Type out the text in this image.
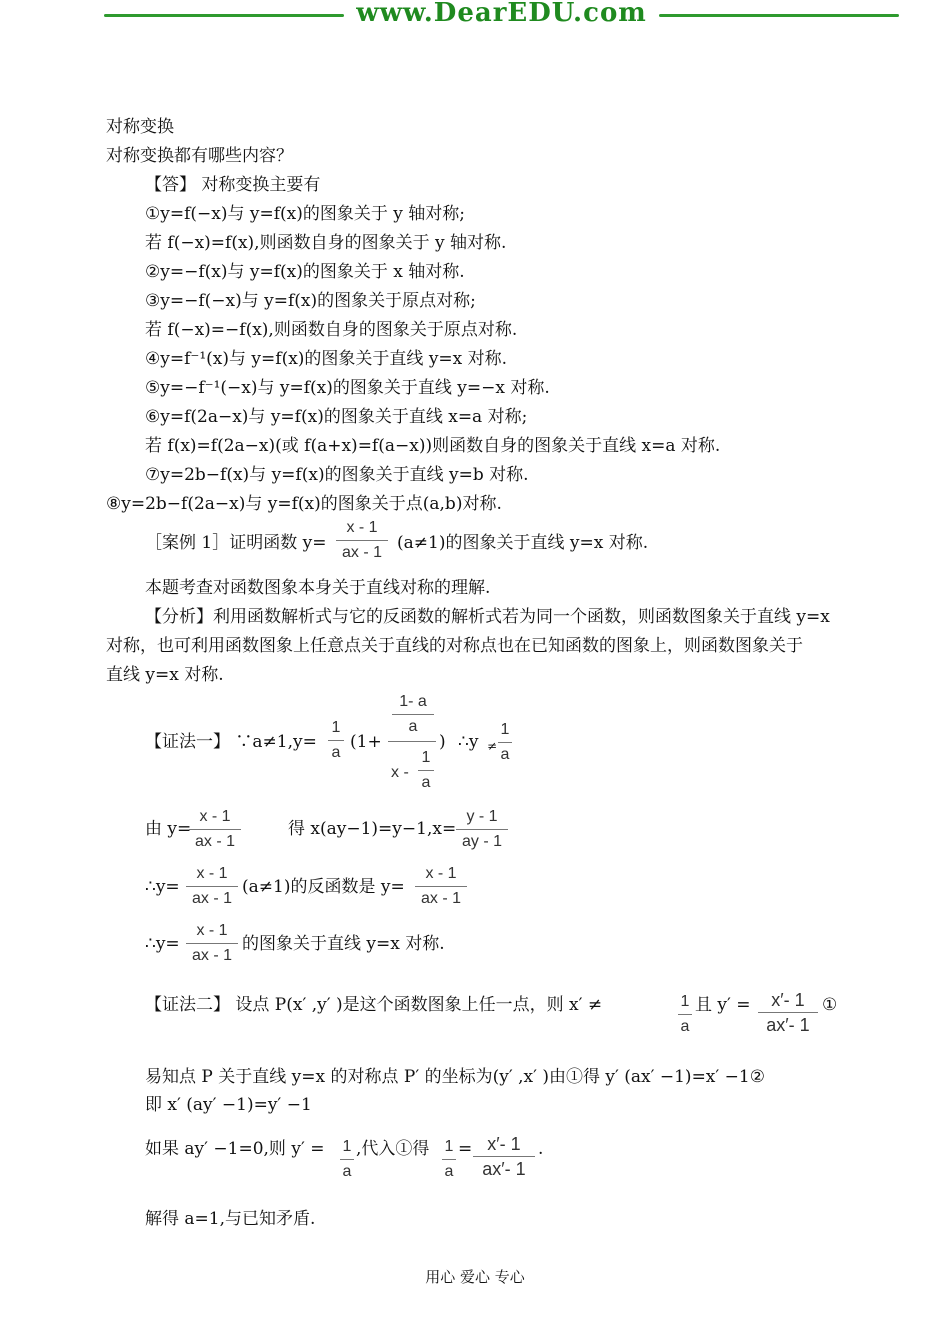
www.DearEDU.com
对称变换
对称变换都有哪些内容？
【答】 对称变换主要有
①y=f(−x)与 y=f(x)的图象关于 y 轴对称;
若 f(−x)=f(x),则函数自身的图象关于 y 轴对称.
②y=−f(x)与 y=f(x)的图象关于 x 轴对称.
③y=−f(−x)与 y=f(x)的图象关于原点对称;
若 f(−x)=−f(x),则函数自身的图象关于原点对称.
④y=f⁻¹(x)与 y=f(x)的图象关于直线 y=x 对称.
⑤y=−f⁻¹(−x)与 y=f(x)的图象关于直线 y=−x 对称.
⑥y=f(2a−x)与 y=f(x)的图象关于直线 x=a 对称;
若 f(x)=f(2a−x)(或 f(a+x)=f(a−x))则函数自身的图象关于直线 x=a 对称.
⑦y=2b−f(x)与 y=f(x)的图象关于直线 y=b 对称.
⑧y=2b−f(2a−x)与 y=f(x)的图象关于点(a,b)对称.
［案例 1］证明函数 $y= \frac{x - 1}{ax - 1} (a\ne 1)$的图象关于直线 y=x 对称.
本题考查对函数图象本身关于直线对称的理解.
【分析】利用函数解析式与它的反函数的解析式若为同一个函数，则函数图象关于直线 y=x
对称，也可利用函数图象上任意点关于直线的对称点也在已知函数的图象上，则函数图象关于
直线 y=x 对称.
【证法一】 ∵a≠1,y=
1
a
(1+
1- a
a
x -
1
a
) ∴y ≠
1
a
由 y=
x - 1
ax - 1
得 x(ay−1)=y−1,x=
y - 1
ay - 1
∴y=
x - 1
ax - 1
(a≠1)的反函数是 y=
x - 1
ax - 1
∴y=
x - 1
ax - 1
的图象关于直线 y=x 对称.
【证法二】 设点 P(x′ ,y′ )是这个函数图象上任一点，则 x′ ≠	1
a
且 y′ =	x′- 1
ax′- 1
①
易知点 P 关于直线 y=x 的对称点 P′ 的坐标为(y′ ,x′ )由①得 y′ (ax′ −1)=x′ −1②
即 x′ (ay′ −1)=y′ −1
如果 ay′ −1=0,则 y′ = 1
a
,代入①得 1
a
= x′- 1
ax′- 1
.
解得 a=1,与已知矛盾.
用心 爱心 专心
